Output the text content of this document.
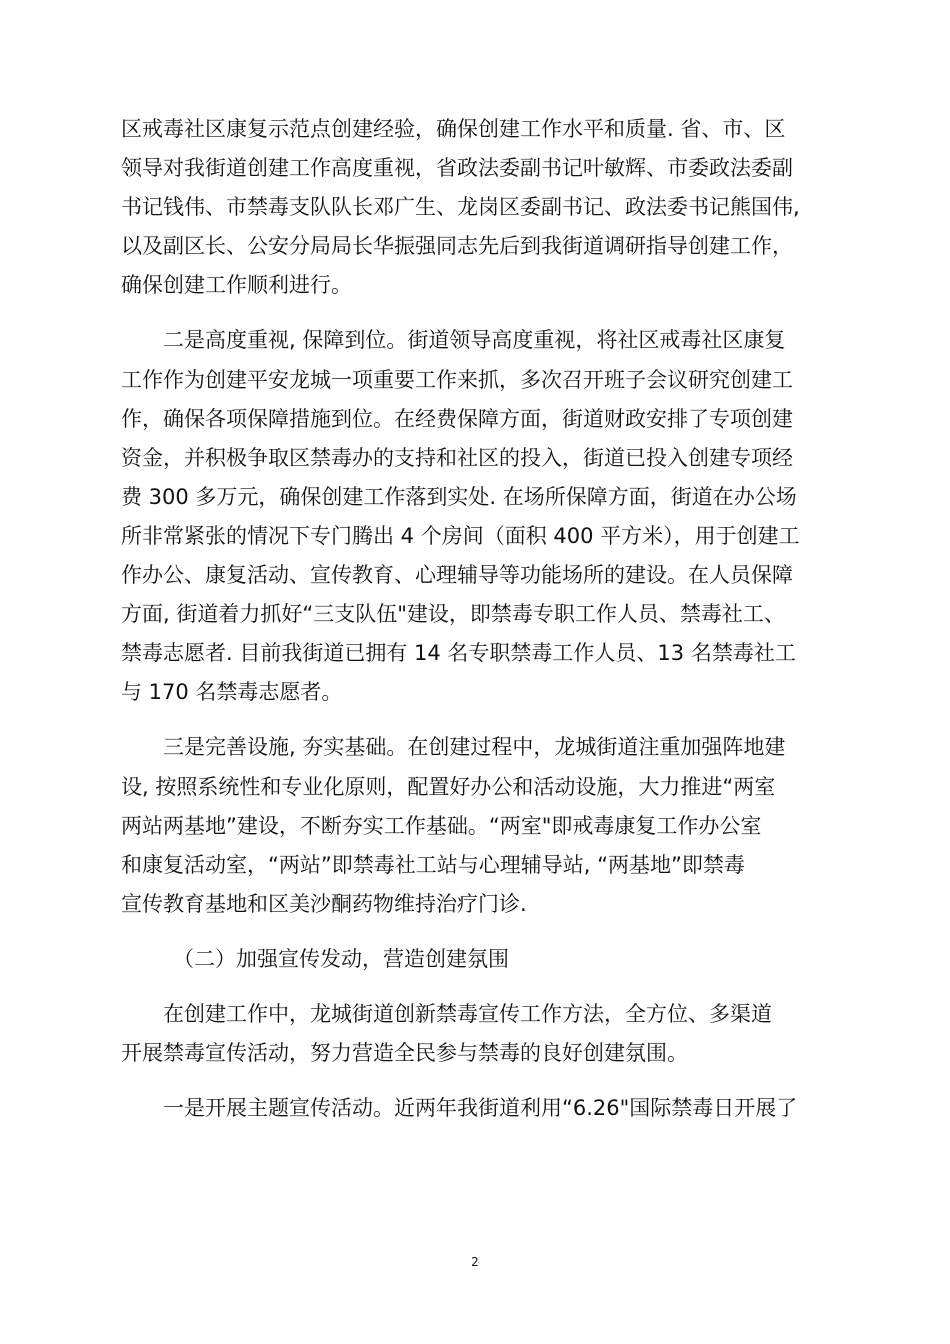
区戒毒社区康复示范点创建经验，确保创建工作水平和质量. 省、市、区
领导对我街道创建工作高度重视，省政法委副书记叶敏辉、市委政法委副
书记钱伟、市禁毒支队队长邓广生、龙岗区委副书记、政法委书记熊国伟,
以及副区长、公安分局局长华振强同志先后到我街道调研指导创建工作，
确保创建工作顺利进行。
二是高度重视, 保障到位。街道领导高度重视，将社区戒毒社区康复
工作作为创建平安龙城一项重要工作来抓，多次召开班子会议研究创建工
作，确保各项保障措施到位。在经费保障方面，街道财政安排了专项创建
资金，并积极争取区禁毒办的支持和社区的投入，街道已投入创建专项经
费 300 多万元，确保创建工作落到实处. 在场所保障方面，街道在办公场
所非常紧张的情况下专门腾出 4 个房间（面积 400 平方米），用于创建工
作办公、康复活动、宣传教育、心理辅导等功能场所的建设。在人员保障
方面, 街道着力抓好“三支队伍"建设，即禁毒专职工作人员、禁毒社工、
禁毒志愿者. 目前我街道已拥有 14 名专职禁毒工作人员、13 名禁毒社工
与 170 名禁毒志愿者。
三是完善设施, 夯实基础。在创建过程中，龙城街道注重加强阵地建
设, 按照系统性和专业化原则，配置好办公和活动设施，大力推进“两室
两站两基地”建设，不断夯实工作基础。“两室"即戒毒康复工作办公室
和康复活动室，“两站”即禁毒社工站与心理辅导站, “两基地”即禁毒
宣传教育基地和区美沙酮药物维持治疗门诊.
（二）加强宣传发动，营造创建氛围
在创建工作中，龙城街道创新禁毒宣传工作方法，全方位、多渠道
开展禁毒宣传活动，努力营造全民参与禁毒的良好创建氛围。
一是开展主题宣传活动。近两年我街道利用“6.26"国际禁毒日开展了
2
